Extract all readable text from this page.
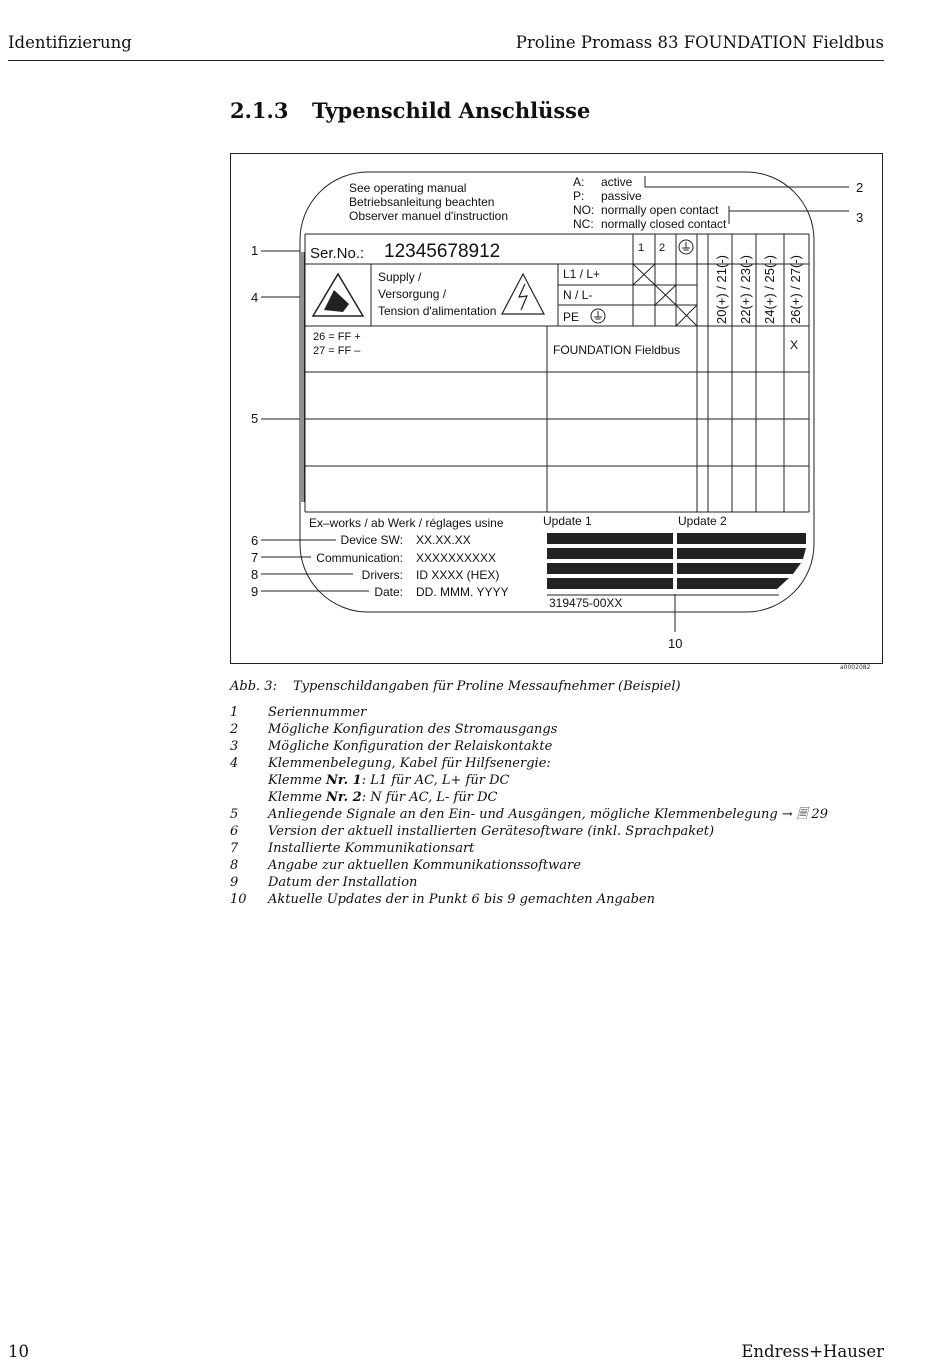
Identifizierung	Proline Promass 83 FOUNDATION Fieldbus
2.1.3 Typenschild Anschlüsse
See operating manual
Betriebsanleitung beachten
Observer manuel d'instruction
A: active
P: passive
NO: normally open contact
NC: normally closed contact
2
3
Ser.No.: 12345678912	1 2
Supply /
Versorgung /
Tension d'alimentation
L1 / L+
N / L-
PE	20(+) / 21(-) 22(+) / 23(-) 24(+) / 25(-) 26(+) / 27(-)
26 = FF +
27 = FF –	FOUNDATION Fieldbus	X
Ex–works / ab Werk / réglages usine	Update 1	Update 2
Device SW: XX.XX.XX
Communication: XXXXXXXXXX
Drivers: ID XXXX (HEX)
Date: DD. MMM. YYYY
319475-00XX
1
4
5
6
7
8
9
10
a0002082
Abb. 3: Typenschildangaben für Proline Messaufnehmer (Beispiel)
1	Seriennummer
2	Mögliche Konfiguration des Stromausgangs
3	Mögliche Konfiguration der Relaiskontakte
4	Klemmenbelegung, Kabel für Hilfsenergie:
Klemme Nr. 1: L1 für AC, L+ für DC
Klemme Nr. 2: N für AC, L- für DC
5	Anliegende Signale an den Ein- und Ausgängen, mögliche Klemmenbelegung → 🗏 29
6	Version der aktuell installierten Gerätesoftware (inkl. Sprachpaket)
7	Installierte Kommunikationsart
8	Angabe zur aktuellen Kommunikationssoftware
9	Datum der Installation
10	Aktuelle Updates der in Punkt 6 bis 9 gemachten Angaben
10	Endress+Hauser
